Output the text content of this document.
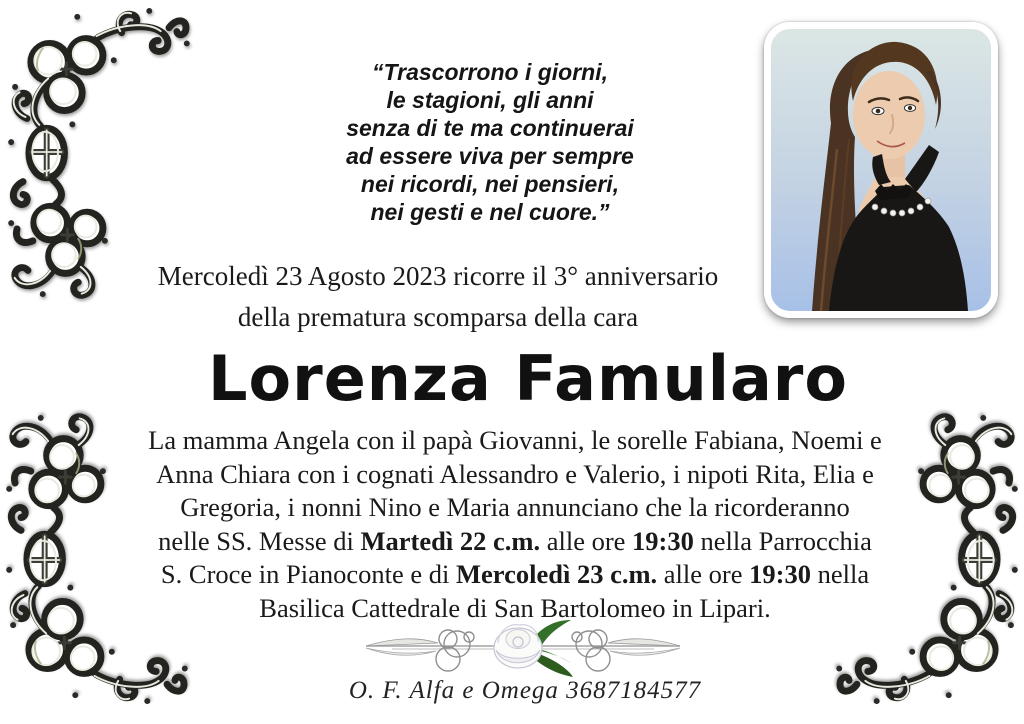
“Trascorrono i giorni,
le stagioni, gli anni
senza di te ma continuerai
ad essere viva per sempre
nei ricordi, nei pensieri,
nei gesti e nel cuore.”
Mercoledì 23 Agosto 2023 ricorre il 3° anniversario
della prematura scomparsa della cara
Lorenza Famularo
La mamma Angela con il papà Giovanni, le sorelle Fabiana, Noemi e
Anna Chiara con i cognati Alessandro e Valerio, i nipoti Rita, Elia e
Gregoria, i nonni Nino e Maria annunciano che la ricorderanno
nelle SS. Messe di Martedì 22 c.m. alle ore 19:30 nella Parrocchia
S. Croce in Pianoconte e di Mercoledì 23 c.m. alle ore 19:30 nella
Basilica Cattedrale di San Bartolomeo in Lipari.
O. F. Alfa e Omega 3687184577
